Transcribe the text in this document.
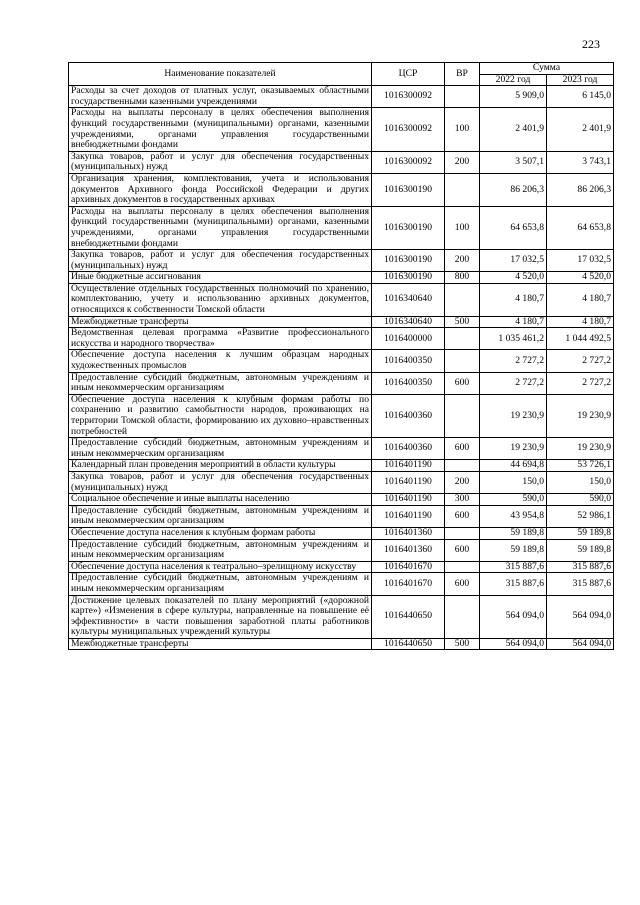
223
Наименование показателей	ЦСР	ВР	Сумма	
			2022 год	2023 год
Расходы за счет доходов от платных услуг, оказываемых областными государственными казенными учреждениями	1016300092		5 909,0	6 145,0
Расходы на выплаты персоналу в целях обеспечения выполнения функций государственными (муниципальными) органами, казенными учреждениями, органами управления государственными внебюджетными фондами	1016300092	100	2 401,9	2 401,9
Закупка товаров, работ и услуг для обеспечения государственных (муниципальных) нужд	1016300092	200	3 507,1	3 743,1
Организация хранения, комплектования, учета и использования документов Архивного фонда Российской Федерации и других архивных документов в государственных архивах	1016300190		86 206,3	86 206,3
Расходы на выплаты персоналу в целях обеспечения выполнения функций государственными (муниципальными) органами, казенными учреждениями, органами управления государственными внебюджетными фондами	1016300190	100	64 653,8	64 653,8
Закупка товаров, работ и услуг для обеспечения государственных (муниципальных) нужд	1016300190	200	17 032,5	17 032,5
Иные бюджетные ассигнования	1016300190	800	4 520,0	4 520,0
Осуществление отдельных государственных полномочий по хранению, комплектованию, учету и использованию архивных документов, относящихся к собственности Томской области	1016340640		4 180,7	4 180,7
Межбюджетные трансферты	1016340640	500	4 180,7	4 180,7
Ведомственная целевая программа «Развитие профессионального искусства и народного творчества»	1016400000		1 035 461,2	1 044 492,5
Обеспечение доступа населения к лучшим образцам народных художественных промыслов	1016400350		2 727,2	2 727,2
Предоставление субсидий бюджетным, автономным учреждениям и иным некоммерческим организациям	1016400350	600	2 727,2	2 727,2
Обеспечение доступа населения к клубным формам работы по сохранению и развитию самобытности народов, проживающих на территории Томской области, формированию их духовно–нравственных потребностей	1016400360		19 230,9	19 230,9
Предоставление субсидий бюджетным, автономным учреждениям и иным некоммерческим организациям	1016400360	600	19 230,9	19 230,9
Календарный план проведения мероприятий в области культуры	1016401190		44 694,8	53 726,1
Закупка товаров, работ и услуг для обеспечения государственных (муниципальных) нужд	1016401190	200	150,0	150,0
Социальное обеспечение и иные выплаты населению	1016401190	300	590,0	590,0
Предоставление субсидий бюджетным, автономным учреждениям и иным некоммерческим организациям	1016401190	600	43 954,8	52 986,1
Обеспечение доступа населения к клубным формам работы	1016401360		59 189,8	59 189,8
Предоставление субсидий бюджетным, автономным учреждениям и иным некоммерческим организациям	1016401360	600	59 189,8	59 189,8
Обеспечение доступа населения к театрально–зрелищному искусству	1016401670		315 887,6	315 887,6
Предоставление субсидий бюджетным, автономным учреждениям и иным некоммерческим организациям	1016401670	600	315 887,6	315 887,6
Достижение целевых показателей по плану мероприятий («дорожной карте») «Изменения в сфере культуры, направленные на повышение её эффективности» в части повышения заработной платы работников культуры муниципальных учреждений культуры	1016440650		564 094,0	564 094,0
Межбюджетные трансферты	1016440650	500	564 094,0	564 094,0
